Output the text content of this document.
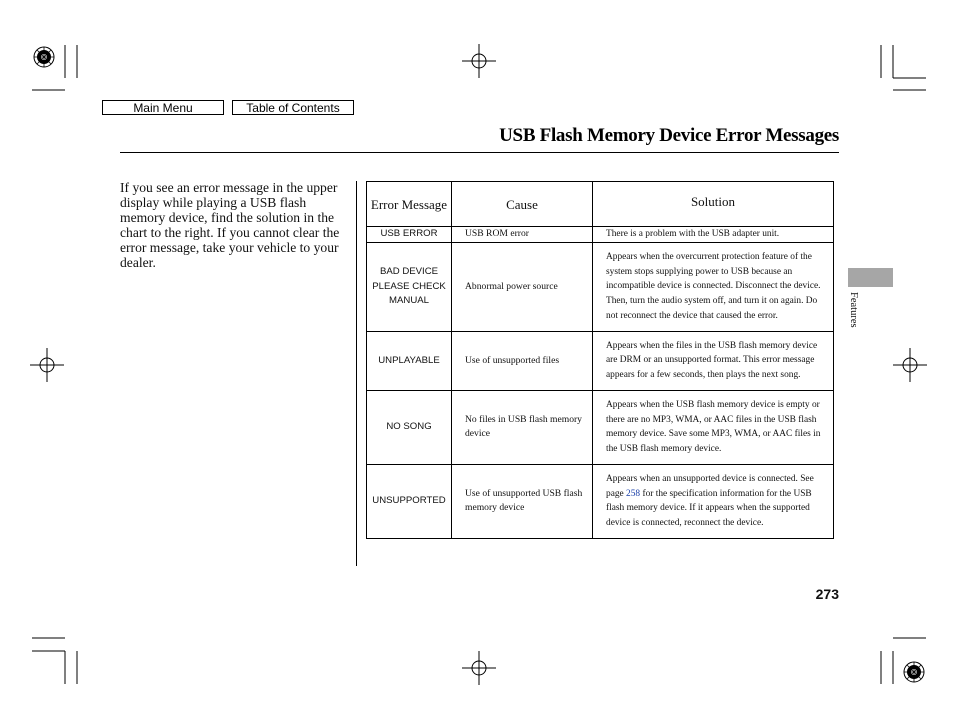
Main Menu	Table of Contents
USB Flash Memory Device Error Messages
If you see an error message in the upper display while playing a USB flash memory device, find the solution in the chart to the right. If you cannot clear the error message, take your vehicle to your dealer.
Features
Error Message	Cause	Solution
USB ERROR	USB ROM error	There is a problem with the USB adapter unit.
BAD DEVICE PLEASE CHECK MANUAL	Abnormal power source	Appears when the overcurrent protection feature of the system stops supplying power to USB because an incompatible device is connected. Disconnect the device. Then, turn the audio system off, and turn it on again. Do not reconnect the device that caused the error.
UNPLAYABLE	Use of unsupported files	Appears when the files in the USB flash memory device are DRM or an unsupported format. This error message appears for a few seconds, then plays the next song.
NO SONG	No files in USB flash memory device	Appears when the USB flash memory device is empty or there are no MP3, WMA, or AAC files in the USB flash memory device. Save some MP3, WMA, or AAC files in the USB flash memory device.
UNSUPPORTED	Use of unsupported USB flash memory device	Appears when an unsupported device is connected. See page 258 for the specification information for the USB flash memory device. If it appears when the supported device is connected, reconnect the device.
273
